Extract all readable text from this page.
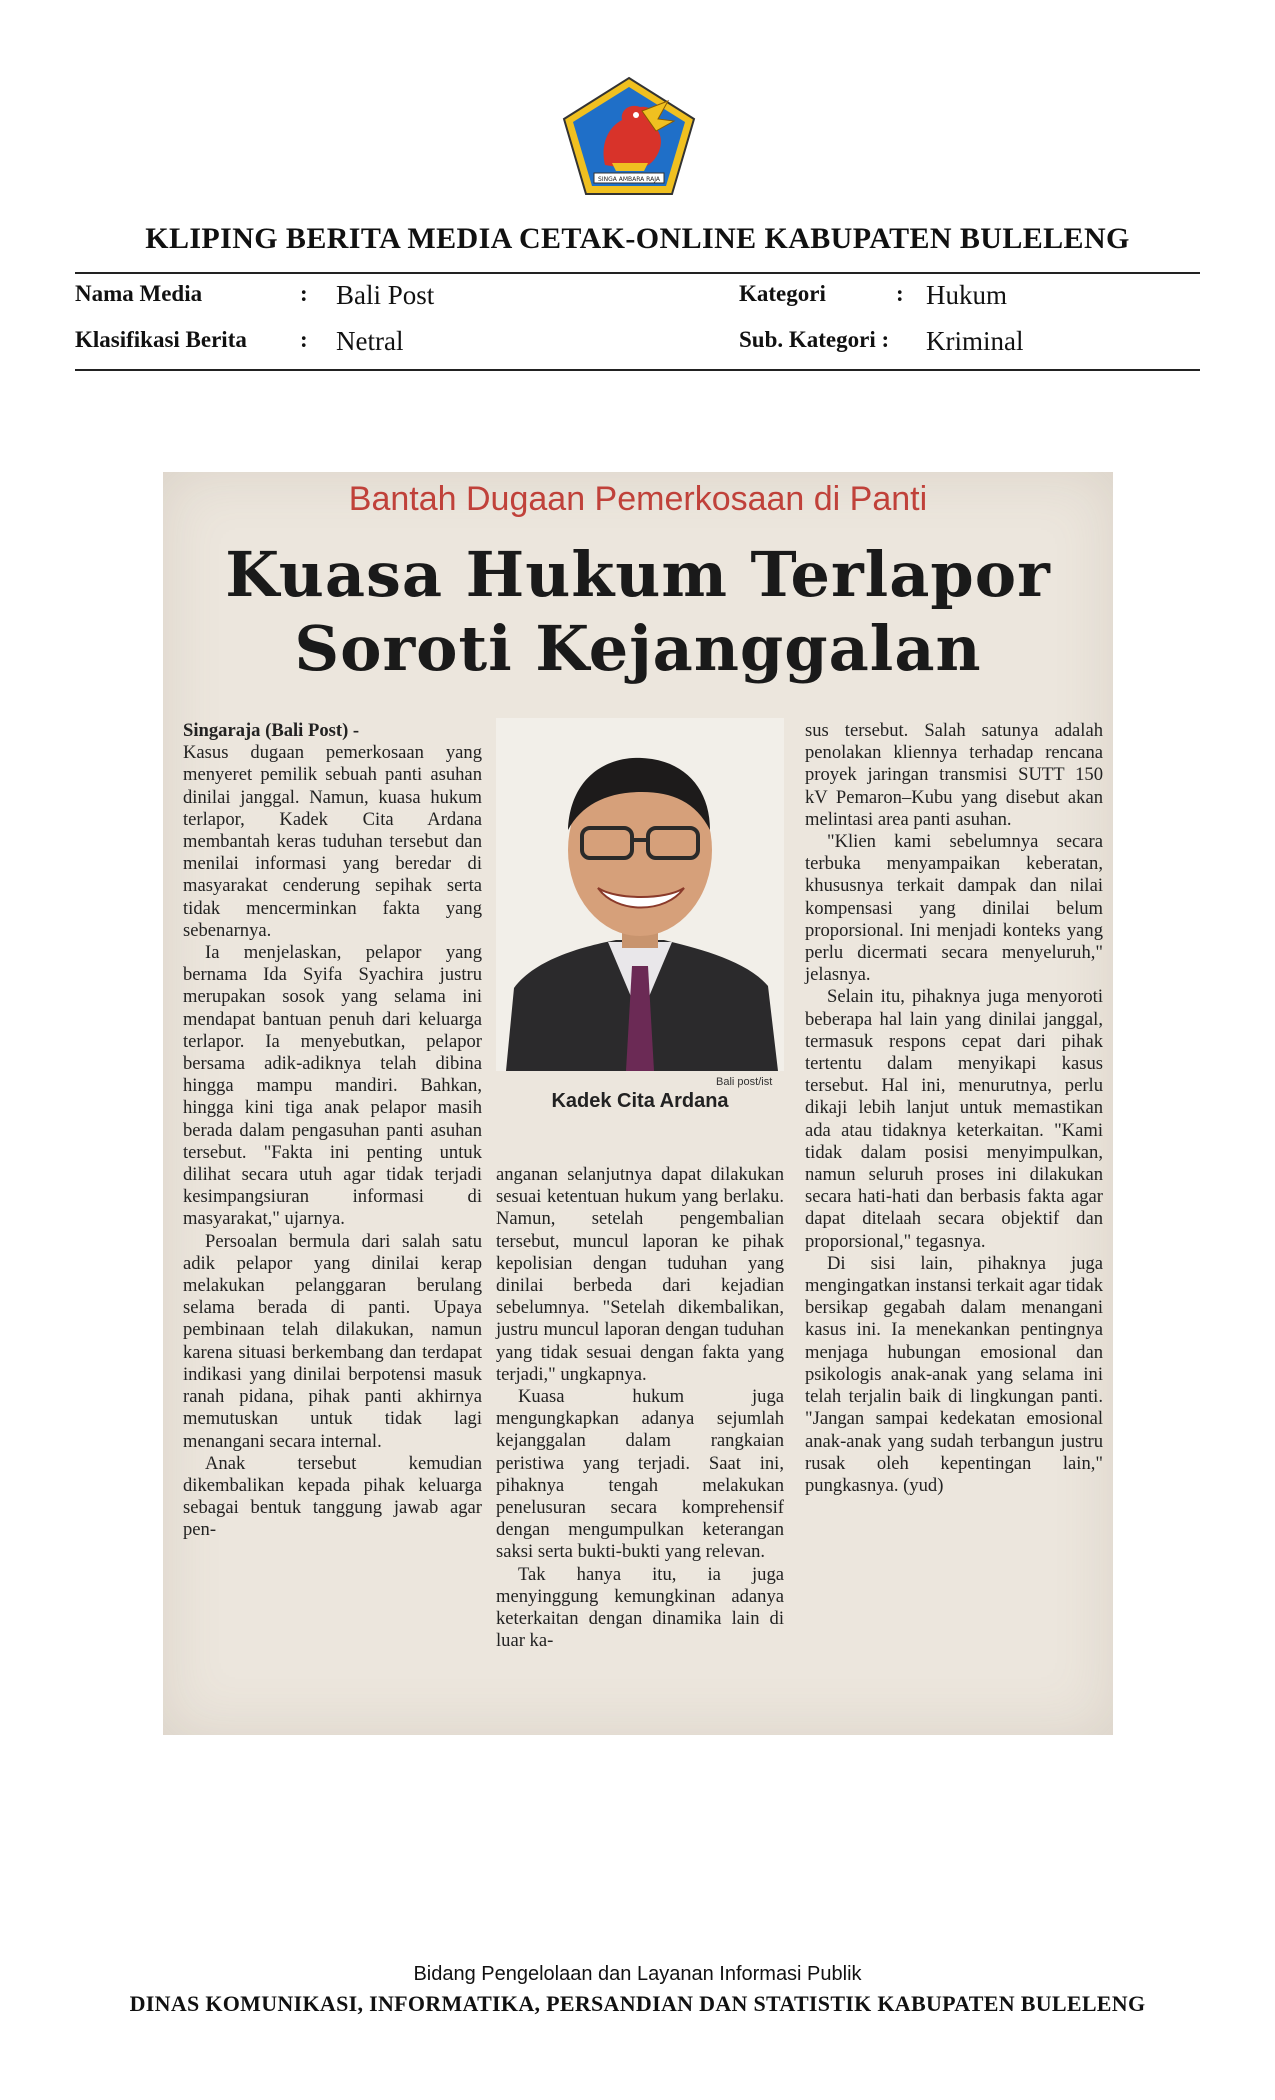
SINGA AMBARA RAJA
KLIPING BERITA MEDIA CETAK-ONLINE KABUPATEN BULELENG
Nama Media	: Bali Post	Kategori	: Hukum
Klasifikasi Berita : Netral	Sub. Kategori : Kriminal
Bantah Dugaan Pemerkosaan di Panti
Kuasa Hukum Terlapor
Soroti Kejanggalan
Singaraja (Bali Post) -

Kasus dugaan pemerkosaan yang menyeret pemilik sebuah panti asuhan dinilai janggal. Namun, kuasa hukum terlapor, Kadek Cita Ardana membantah keras tuduhan tersebut dan menilai informasi yang beredar di masyarakat cenderung sepihak serta tidak mencerminkan fakta yang sebenarnya.

Ia menjelaskan, pelapor yang bernama Ida Syifa Syachira justru merupakan sosok yang selama ini mendapat bantuan penuh dari keluarga terlapor. Ia menyebutkan, pelapor bersama adik-adiknya telah dibina hingga mampu mandiri. Bahkan, hingga kini tiga anak pelapor masih berada dalam pengasuhan panti asuhan tersebut. "Fakta ini penting untuk dilihat secara utuh agar tidak terjadi kesimpangsiuran informasi di masyarakat," ujarnya.

Persoalan bermula dari salah satu adik pelapor yang dinilai kerap melakukan pelanggaran berulang selama berada di panti. Upaya pembinaan telah dilakukan, namun karena situasi berkembang dan terdapat indikasi yang dinilai berpotensi masuk ranah pidana, pihak panti akhirnya memutuskan untuk tidak lagi menangani secara internal.

Anak tersebut kemudian dikembalikan kepada pihak keluarga sebagai bentuk tanggung jawab agar pen-

Bali post/ist
Kadek Cita Ardana

anganan selanjutnya dapat dilakukan sesuai ketentuan hukum yang berlaku. Namun, setelah pengembalian tersebut, muncul laporan ke pihak kepolisian dengan tuduhan yang dinilai berbeda dari kejadian sebelumnya. "Setelah dikembalikan, justru muncul laporan dengan tuduhan yang tidak sesuai dengan fakta yang terjadi," ungkapnya.

Kuasa hukum juga mengungkapkan adanya sejumlah kejanggalan dalam rangkaian peristiwa yang terjadi. Saat ini, pihaknya tengah melakukan penelusuran secara komprehensif dengan mengumpulkan keterangan saksi serta bukti-bukti yang relevan.

Tak hanya itu, ia juga menyinggung kemungkinan adanya keterkaitan dengan dinamika lain di luar ka-

sus tersebut. Salah satunya adalah penolakan kliennya terhadap rencana proyek jaringan transmisi SUTT 150 kV Pemaron–Kubu yang disebut akan melintasi area panti asuhan.

"Klien kami sebelumnya secara terbuka menyampaikan keberatan, khususnya terkait dampak dan nilai kompensasi yang dinilai belum proporsional. Ini menjadi konteks yang perlu dicermati secara menyeluruh," jelasnya.

Selain itu, pihaknya juga menyoroti beberapa hal lain yang dinilai janggal, termasuk respons cepat dari pihak tertentu dalam menyikapi kasus tersebut. Hal ini, menurutnya, perlu dikaji lebih lanjut untuk memastikan ada atau tidaknya keterkaitan. "Kami tidak dalam posisi menyimpulkan, namun seluruh proses ini dilakukan secara hati-hati dan berbasis fakta agar dapat ditelaah secara objektif dan proporsional," tegasnya.

Di sisi lain, pihaknya juga mengingatkan instansi terkait agar tidak bersikap gegabah dalam menangani kasus ini. Ia menekankan pentingnya menjaga hubungan emosional dan psikologis anak-anak yang selama ini telah terjalin baik di lingkungan panti. "Jangan sampai kedekatan emosional anak-anak yang sudah terbangun justru rusak oleh kepentingan lain," pungkasnya. (yud)

Bidang Pengelolaan dan Layanan Informasi Publik
DINAS KOMUNIKASI, INFORMATIKA, PERSANDIAN DAN STATISTIK KABUPATEN BULELENG
